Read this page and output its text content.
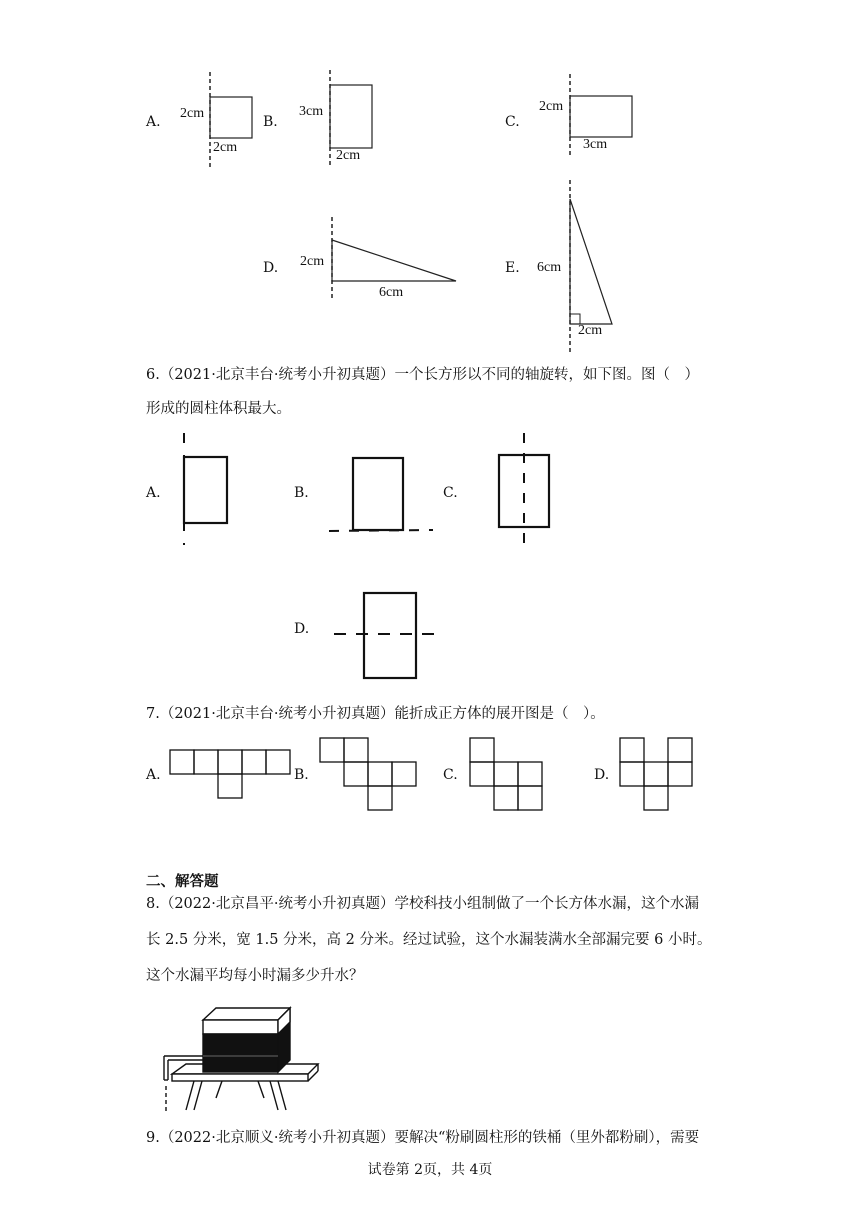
A.
2cm
2cm
B.
3cm
2cm
C.
2cm
3cm
D. 2cm
6cm
E. 6cm
2cm
6.（2021·北京丰台·统考小升初真题）一个长方形以不同的轴旋转，如下图。图（　）
形成的圆柱体积最大。
A.	B.	C.
D.
7.（2021·北京丰台·统考小升初真题）能折成正方体的展开图是（　）。
A.	B.	C.	D.
二、解答题
8.（2022·北京昌平·统考小升初真题）学校科技小组制做了一个长方体水漏，这个水漏
长 2.5 分米，宽 1.5 分米，高 2 分米。经过试验，这个水漏装满水全部漏完要 6 小时。
这个水漏平均每小时漏多少升水？
9.（2022·北京顺义·统考小升初真题）要解决“粉刷圆柱形的铁桶（里外都粉刷），需要
试卷第 2页，共 4页
